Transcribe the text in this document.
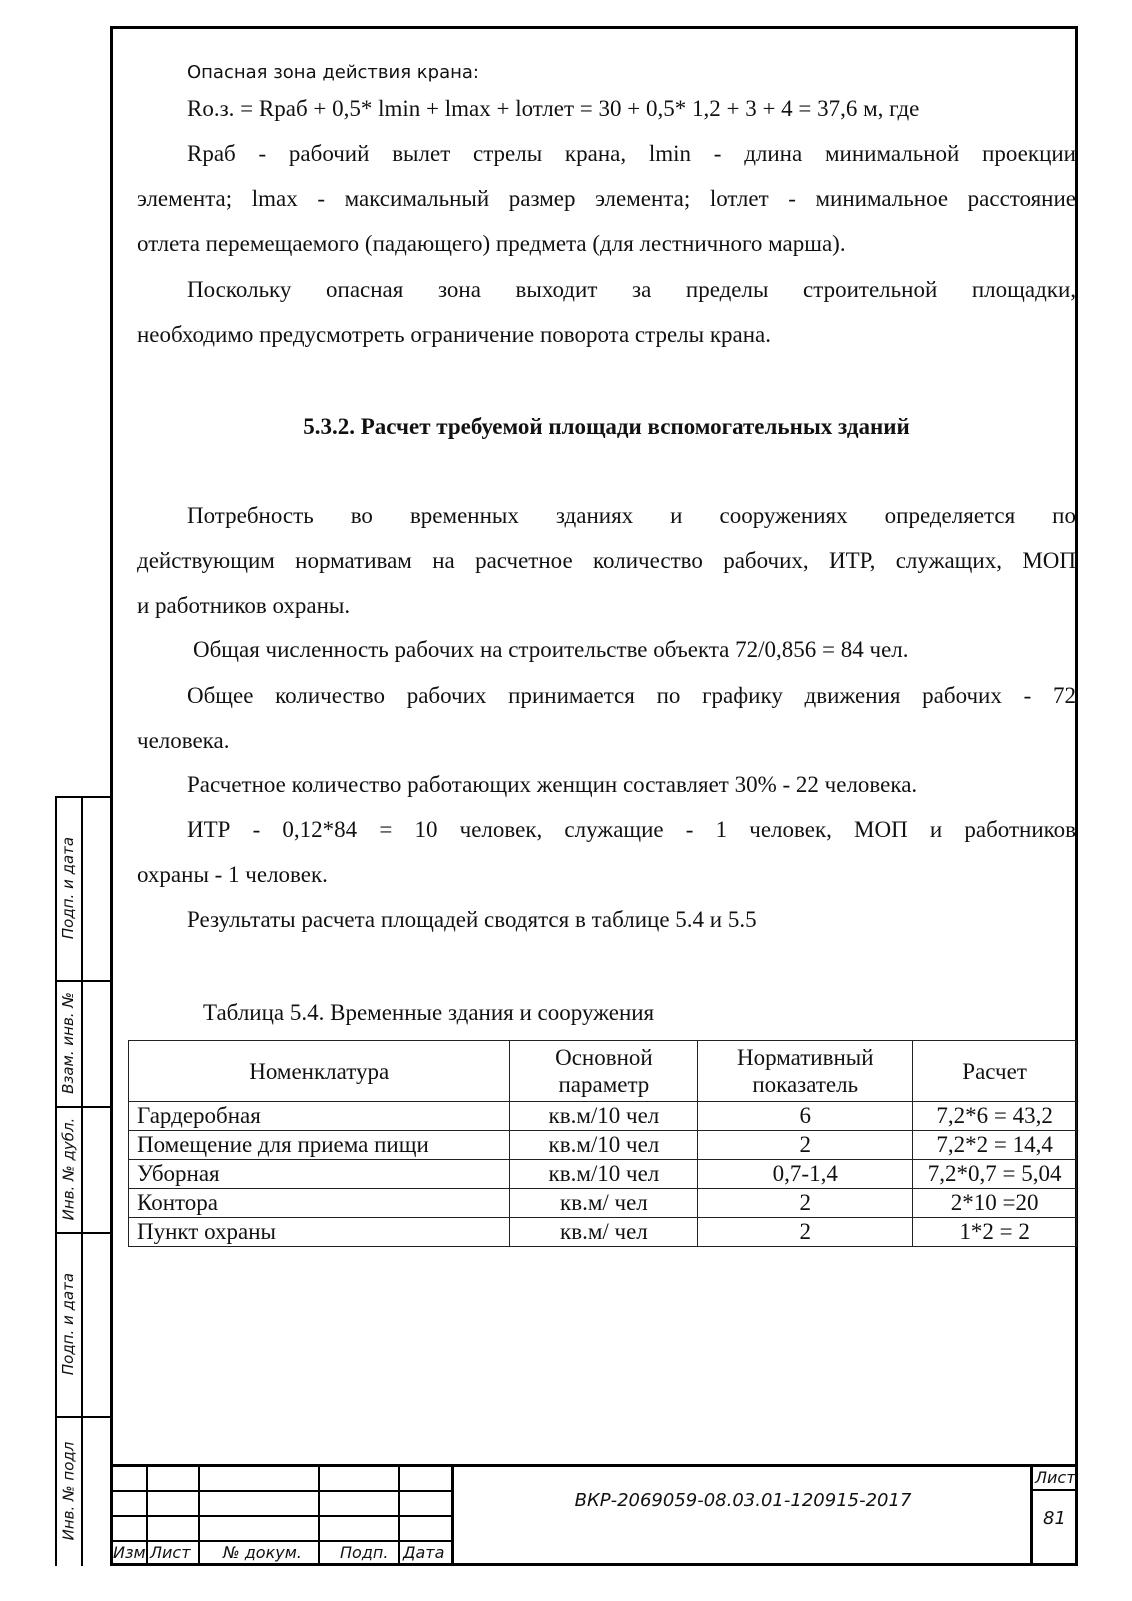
Опасная зона действия крана:
Rо.з. = Rраб + 0,5* lmin + lmax + lотлет = 30 + 0,5* 1,2 + 3 + 4 = 37,6 м, где
Rраб - рабочий вылет стрелы крана, lmin - длина минимальной проекции
элемента; lmax - максимальный размер элемента; lотлет - минимальное расстояние
отлета перемещаемого (падающего) предмета (для лестничного марша).
Поскольку опасная зона выходит за пределы строительной площадки,
необходимо предусмотреть ограничение поворота стрелы крана.
5.3.2. Расчет требуемой площади вспомогательных зданий
Потребность во временных зданиях и сооружениях определяется по
действующим нормативам на расчетное количество рабочих, ИТР, служащих, МОП
и работников охраны.
Общая численность рабочих на строительстве объекта 72/0,856 = 84 чел.
Общее количество рабочих принимается по графику движения рабочих - 72
человека.
Расчетное количество работающих женщин составляет 30% - 22 человека.
ИТР - 0,12*84 = 10 человек, служащие - 1 человек, МОП и работников
охраны - 1 человек.
Результаты расчета площадей сводятся в таблице 5.4 и 5.5
Таблица 5.4. Временные здания и сооружения
Номенклатура	Основной параметр	Нормативный показатель	Расчет
Гардеробная	кв.м/10 чел	6	7,2*6 = 43,2
Помещение для приема пищи	кв.м/10 чел	2	7,2*2 = 14,4
Уборная	кв.м/10 чел	0,7-1,4	7,2*0,7 = 5,04
Контора	кв.м/ чел	2	2*10 =20
Пункт охраны	кв.м/ чел	2	1*2 = 2
Подп. и дата
Взам. инв. №
Инв. № дубл.
Подп. и дата
Инв. № подл
Изм Лист № докум. Подп. Дата
ВКР-2069059-08.03.01-120915-2017
Лист
81
